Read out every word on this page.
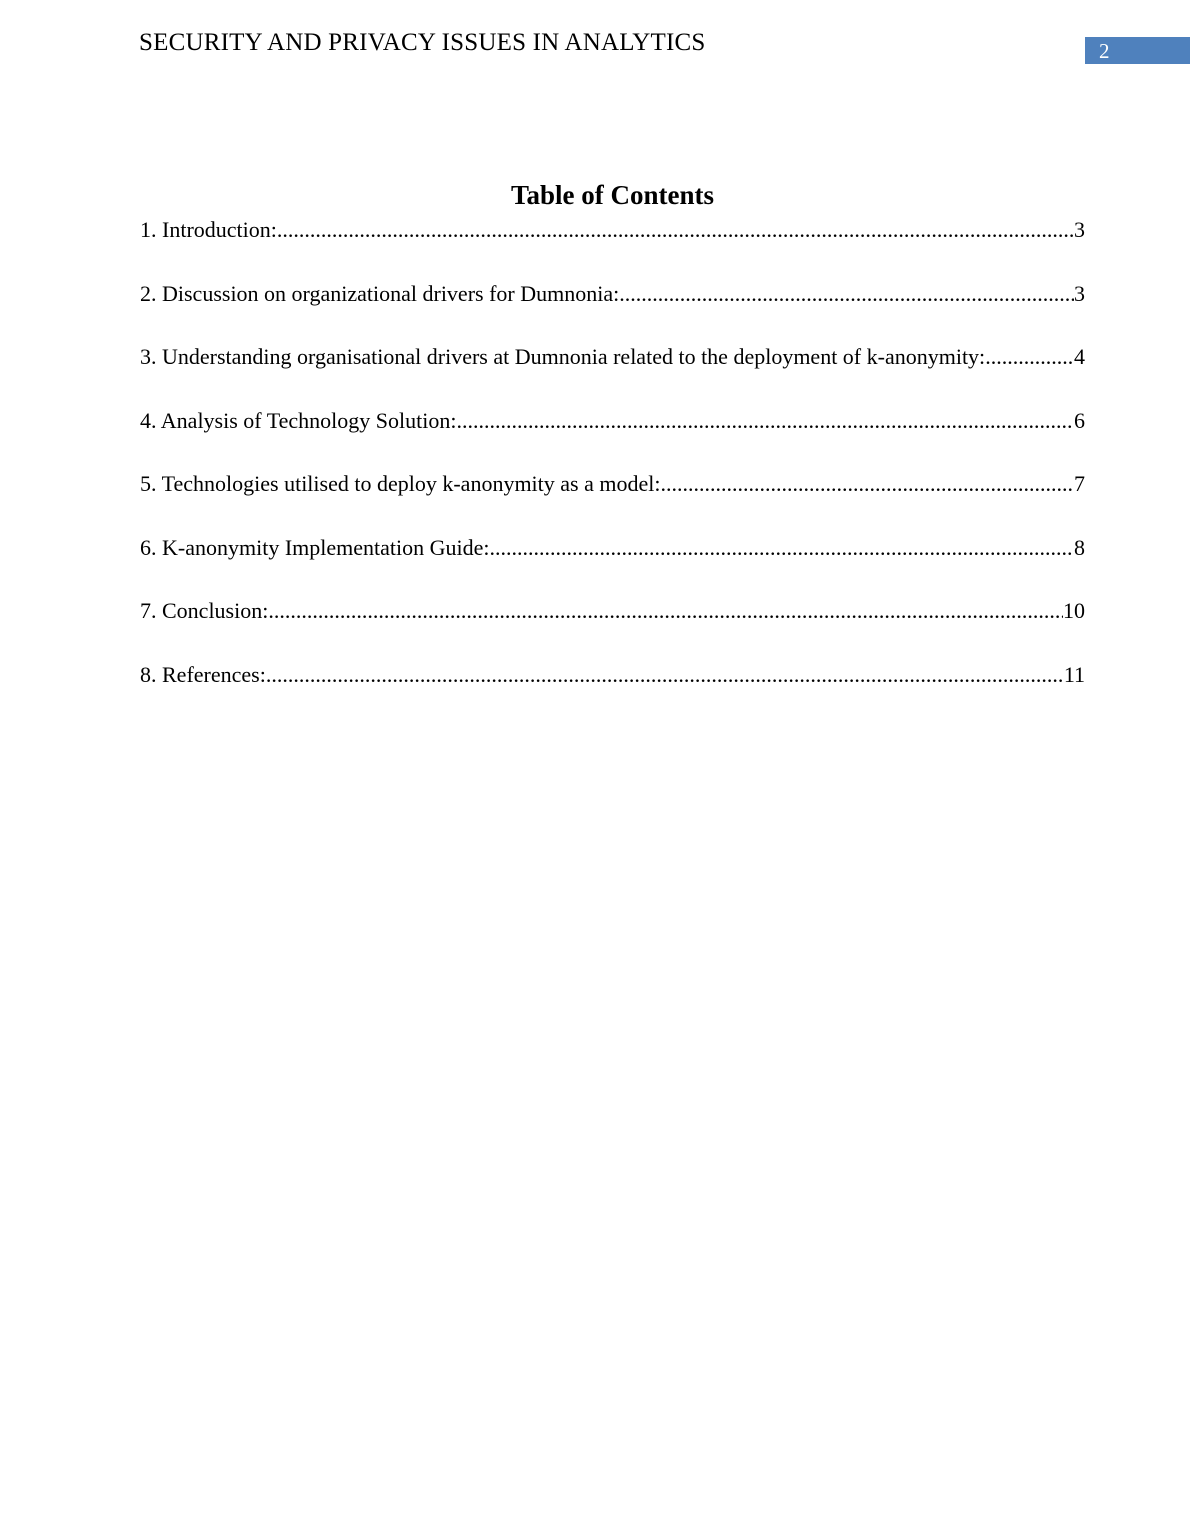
SECURITY AND PRIVACY ISSUES IN ANALYTICS	2
Table of Contents
1. Introduction: .....	3
2. Discussion on organizational drivers for Dumnonia: .....	3
3. Understanding organisational drivers at Dumnonia related to the deployment of k-anonymity: .....	4
4. Analysis of Technology Solution: .....	6
5. Technologies utilised to deploy k-anonymity as a model: .....	7
6. K-anonymity Implementation Guide: .....	8
7. Conclusion: .....	10
8. References: .....	11
